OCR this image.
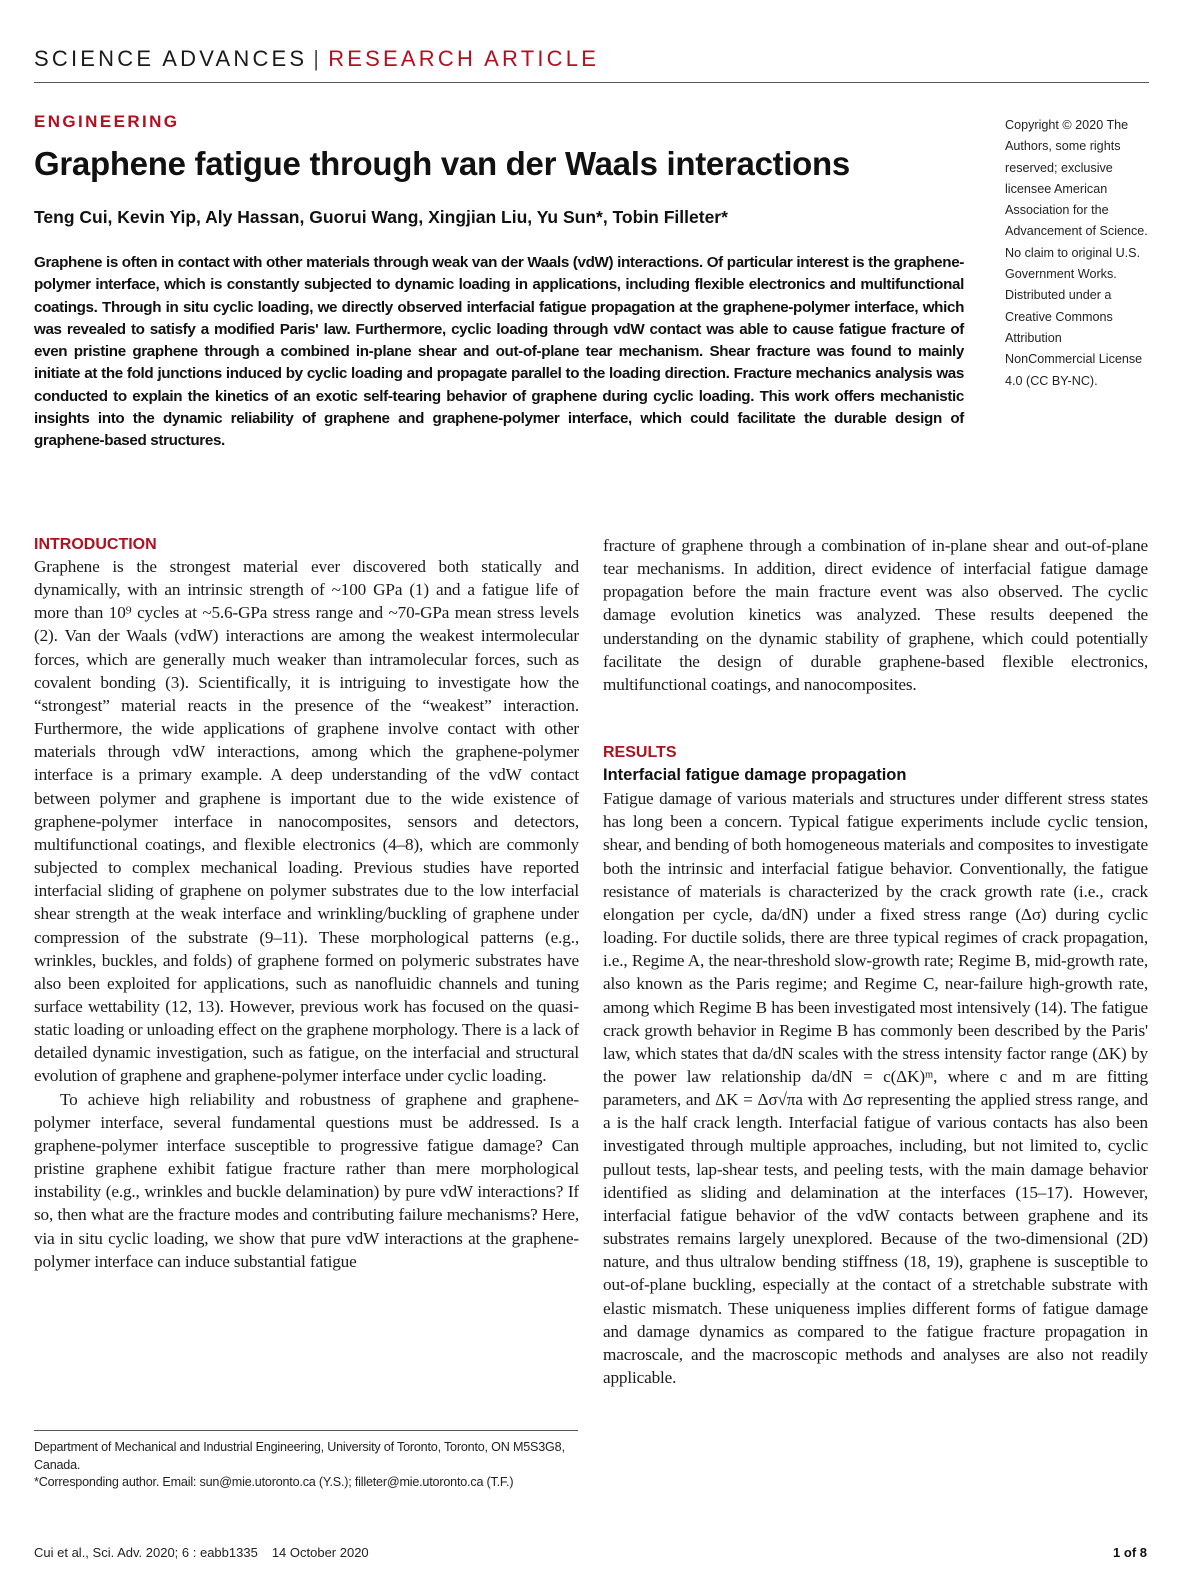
SCIENCE ADVANCES | RESEARCH ARTICLE
ENGINEERING
Graphene fatigue through van der Waals interactions
Teng Cui, Kevin Yip, Aly Hassan, Guorui Wang, Xingjian Liu, Yu Sun*, Tobin Filleter*
Copyright © 2020 The Authors, some rights reserved; exclusive licensee American Association for the Advancement of Science. No claim to original U.S. Government Works. Distributed under a Creative Commons Attribution NonCommercial License 4.0 (CC BY-NC).
Graphene is often in contact with other materials through weak van der Waals (vdW) interactions. Of particular interest is the graphene-polymer interface, which is constantly subjected to dynamic loading in applications, including flexible electronics and multifunctional coatings. Through in situ cyclic loading, we directly observed interfacial fatigue propagation at the graphene-polymer interface, which was revealed to satisfy a modified Paris' law. Furthermore, cyclic loading through vdW contact was able to cause fatigue fracture of even pristine graphene through a combined in-plane shear and out-of-plane tear mechanism. Shear fracture was found to mainly initiate at the fold junctions induced by cyclic loading and propagate parallel to the loading direction. Fracture mechanics analysis was conducted to explain the kinetics of an exotic self-tearing behavior of graphene during cyclic loading. This work offers mechanistic insights into the dynamic reliability of graphene and graphene-polymer interface, which could facilitate the durable design of graphene-based structures.
INTRODUCTION

Graphene is the strongest material ever discovered both statically and dynamically, with an intrinsic strength of ~100 GPa (1) and a fatigue life of more than 10⁹ cycles at ~5.6-GPa stress range and ~70-GPa mean stress levels (2). Van der Waals (vdW) interactions are among the weakest intermolecular forces, which are generally much weaker than intramolecular forces, such as covalent bonding (3). Scientifically, it is intriguing to investigate how the “strongest” material reacts in the presence of the “weakest” interaction. Furthermore, the wide applications of graphene involve contact with other materials through vdW interactions, among which the graphene-polymer interface is a primary example. A deep understanding of the vdW contact between polymer and graphene is important due to the wide existence of graphene-polymer interface in nanocomposites, sensors and detectors, multifunctional coatings, and flexible electronics (4–8), which are commonly subjected to complex mechanical loading. Previous studies have reported interfacial sliding of graphene on polymer substrates due to the low interfacial shear strength at the weak interface and wrinkling/buckling of graphene under compression of the substrate (9–11). These morphological patterns (e.g., wrinkles, buckles, and folds) of graphene formed on polymeric substrates have also been exploited for applications, such as nanofluidic channels and tuning surface wettability (12, 13). However, previous work has focused on the quasi-static loading or unloading effect on the graphene morphology. There is a lack of detailed dynamic investigation, such as fatigue, on the interfacial and structural evolution of graphene and graphene-polymer interface under cyclic loading.

To achieve high reliability and robustness of graphene and graphene-polymer interface, several fundamental questions must be addressed. Is a graphene-polymer interface susceptible to progressive fatigue damage? Can pristine graphene exhibit fatigue fracture rather than mere morphological instability (e.g., wrinkles and buckle delamination) by pure vdW interactions? If so, then what are the fracture modes and contributing failure mechanisms? Here, via in situ cyclic loading, we show that pure vdW interactions at the graphene-polymer interface can induce substantial fatigue

fracture of graphene through a combination of in-plane shear and out-of-plane tear mechanisms. In addition, direct evidence of interfacial fatigue damage propagation before the main fracture event was also observed. The cyclic damage evolution kinetics was analyzed. These results deepened the understanding on the dynamic stability of graphene, which could potentially facilitate the design of durable graphene-based flexible electronics, multifunctional coatings, and nanocomposites.

RESULTS
Interfacial fatigue damage propagation

Fatigue damage of various materials and structures under different stress states has long been a concern. Typical fatigue experiments include cyclic tension, shear, and bending of both homogeneous materials and composites to investigate both the intrinsic and interfacial fatigue behavior. Conventionally, the fatigue resistance of materials is characterized by the crack growth rate (i.e., crack elongation per cycle, da/dN) under a fixed stress range (Δσ) during cyclic loading. For ductile solids, there are three typical regimes of crack propagation, i.e., Regime A, the near-threshold slow-growth rate; Regime B, mid-growth rate, also known as the Paris regime; and Regime C, near-failure high-growth rate, among which Regime B has been investigated most intensively (14). The fatigue crack growth behavior in Regime B has commonly been described by the Paris' law, which states that da/dN scales with the stress intensity factor range (ΔK) by the power law relationship da/dN = c(ΔK)ᵐ, where c and m are fitting parameters, and ΔK = Δσ√πa with Δσ representing the applied stress range, and a is the half crack length. Interfacial fatigue of various contacts has also been investigated through multiple approaches, including, but not limited to, cyclic pullout tests, lap-shear tests, and peeling tests, with the main damage behavior identified as sliding and delamination at the interfaces (15–17). However, interfacial fatigue behavior of the vdW contacts between graphene and its substrates remains largely unexplored. Because of the two-dimensional (2D) nature, and thus ultralow bending stiffness (18, 19), graphene is susceptible to out-of-plane buckling, especially at the contact of a stretchable substrate with elastic mismatch. These uniqueness implies different forms of fatigue damage and damage dynamics as compared to the fatigue fracture propagation in macroscale, and the macroscopic methods and analyses are also not readily applicable.

Department of Mechanical and Industrial Engineering, University of Toronto, Toronto, ON M5S3G8, Canada.
*Corresponding author. Email: sun@mie.utoronto.ca (Y.S.); filleter@mie.utoronto.ca (T.F.)
Cui et al., Sci. Adv. 2020; 6 : eabb1335 14 October 2020	1 of 8
